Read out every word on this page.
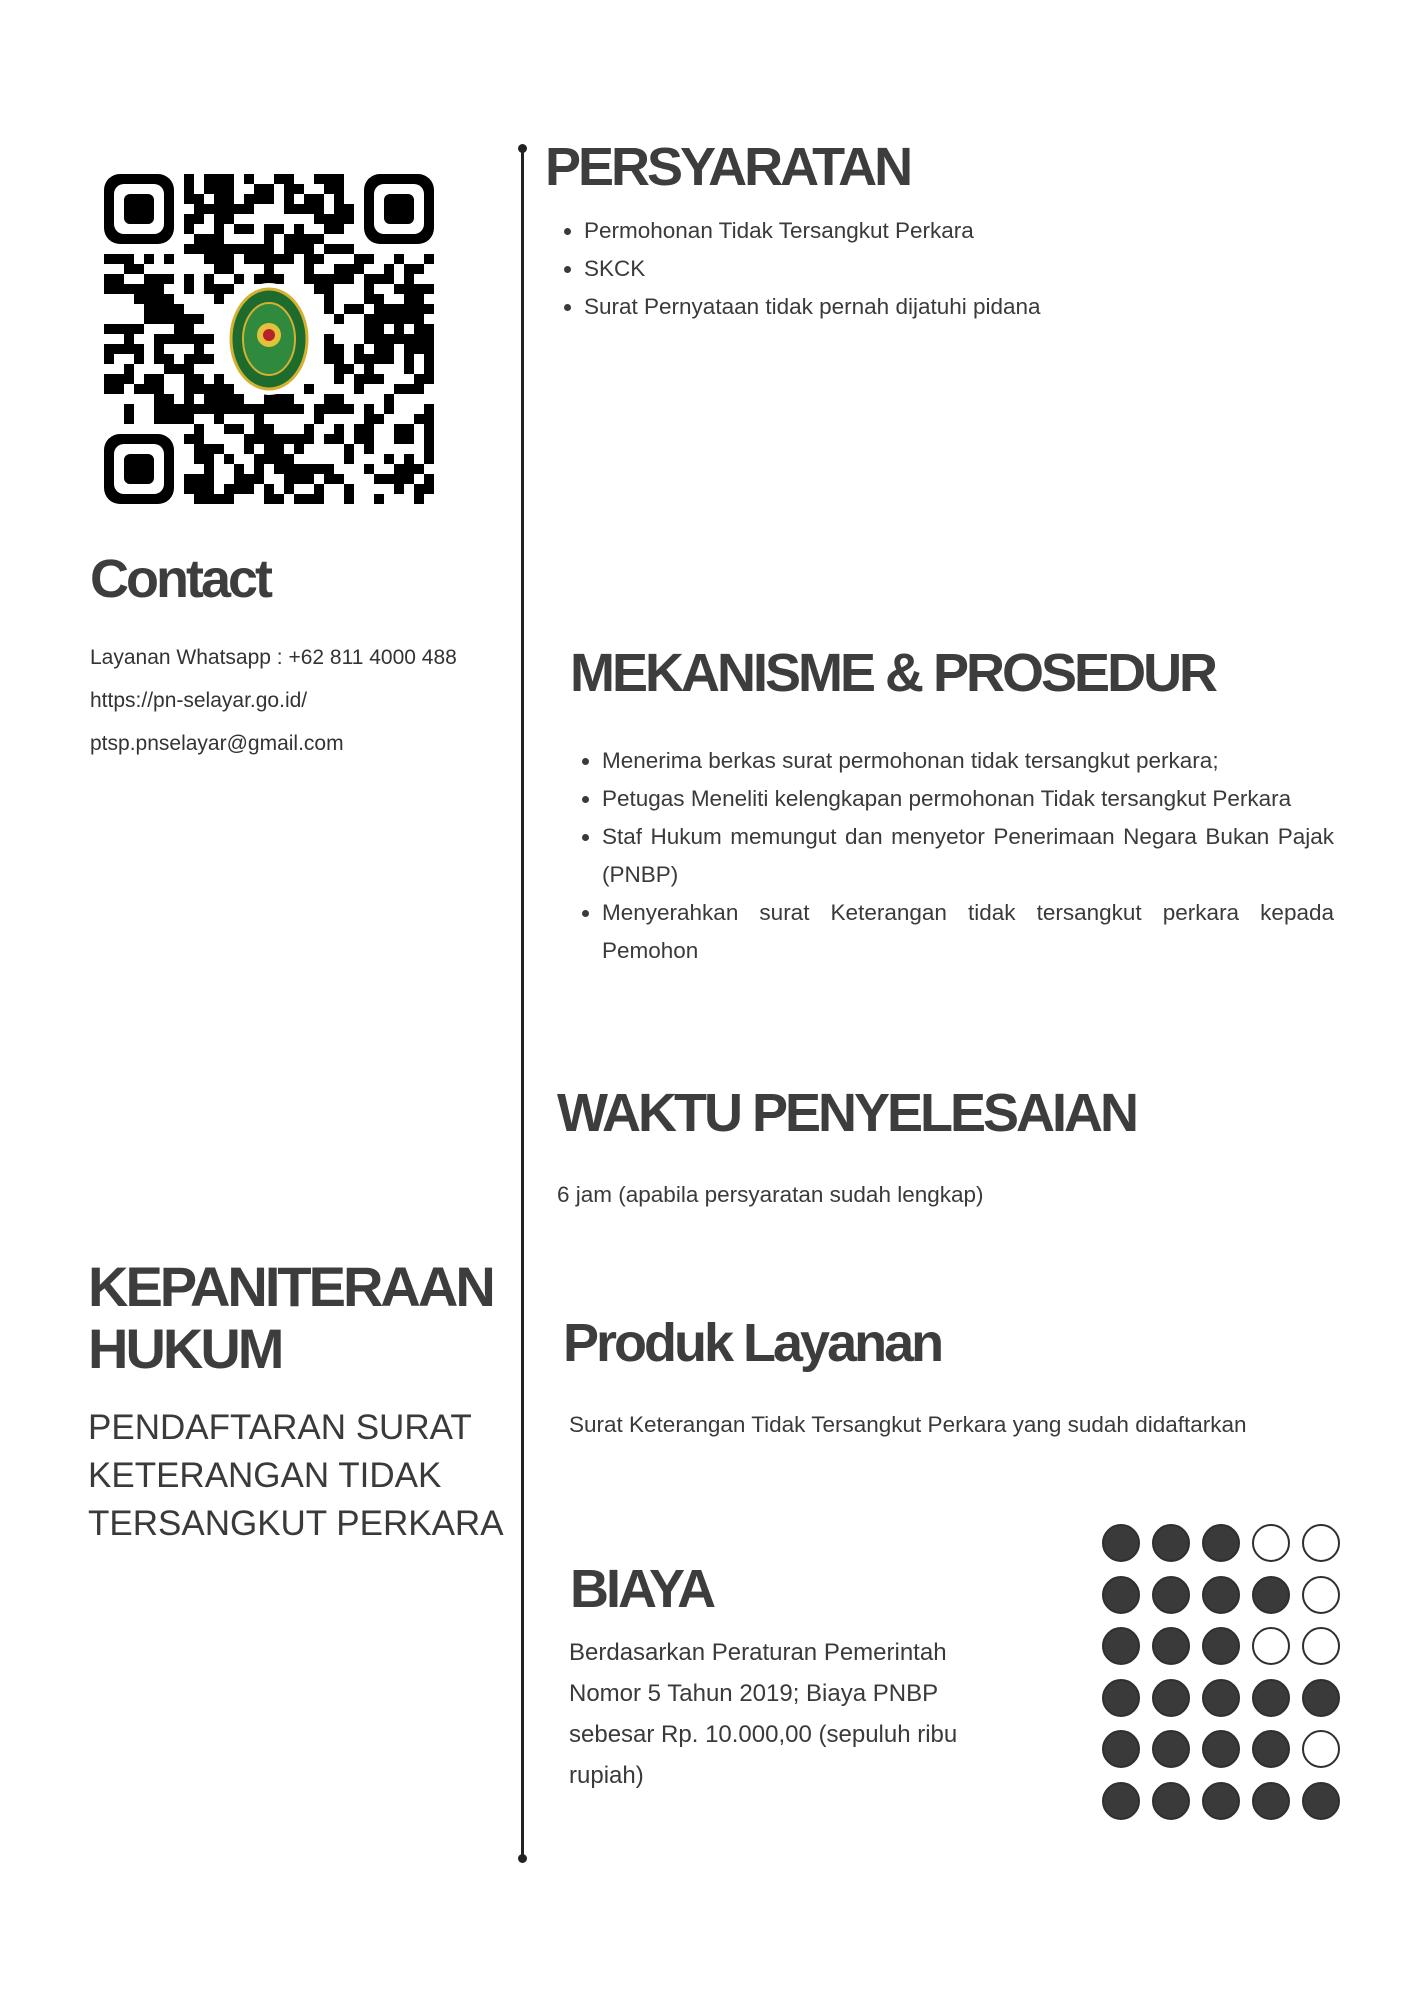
Contact
Layanan Whatsapp : +62 811 4000 488
https://pn-selayar.go.id/
ptsp.pnselayar@gmail.com
KEPANITERAAN
HUKUM
PENDAFTARAN SURAT
KETERANGAN TIDAK
TERSANGKUT PERKARA
PERSYARATAN
• Permohonan Tidak Tersangkut Perkara
• SKCK
• Surat Pernyataan tidak pernah dijatuhi pidana
MEKANISME & PROSEDUR
• Menerima berkas surat permohonan tidak tersangkut perkara;
• Petugas Meneliti kelengkapan permohonan Tidak tersangkut Perkara
• Staf Hukum memungut dan menyetor Penerimaan Negara Bukan Pajak (PNBP)
• Menyerahkan surat Keterangan tidak tersangkut perkara kepada Pemohon
WAKTU PENYELESAIAN
6 jam (apabila persyaratan sudah lengkap)
Produk Layanan
Surat Keterangan Tidak Tersangkut Perkara yang sudah didaftarkan
BIAYA
Berdasarkan Peraturan Pemerintah
Nomor 5 Tahun 2019; Biaya PNBP
sebesar Rp. 10.000,00 (sepuluh ribu
rupiah)
